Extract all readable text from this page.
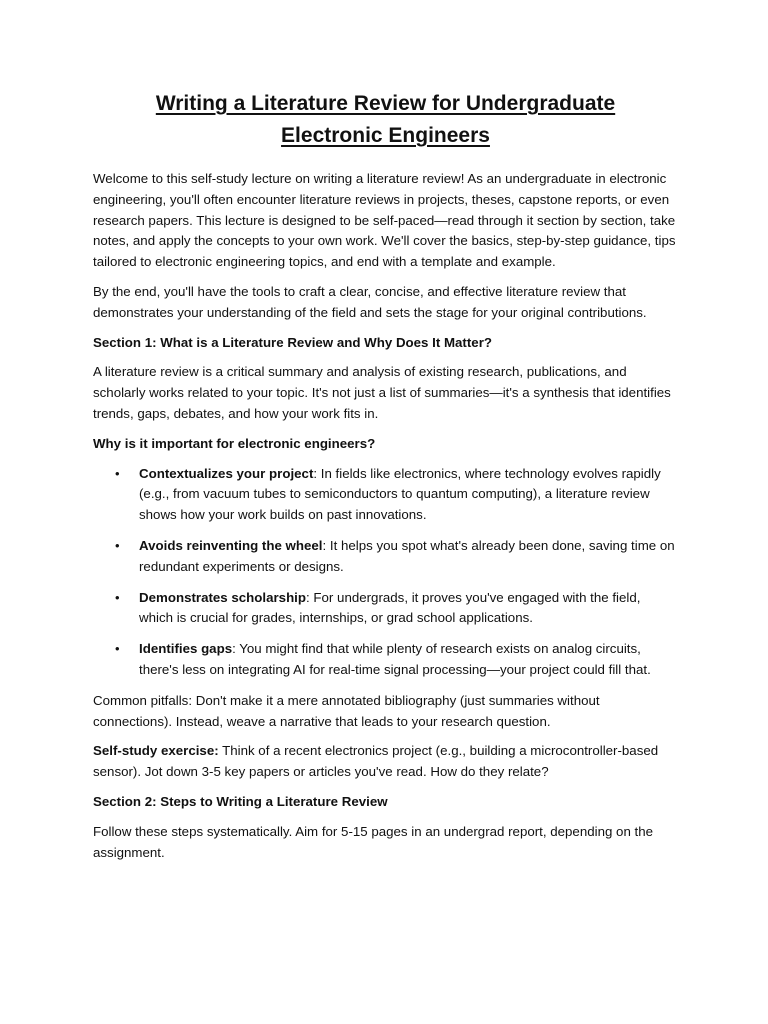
Writing a Literature Review for Undergraduate
Electronic Engineers

Welcome to this self-study lecture on writing a literature review! As an undergraduate in electronic engineering, you'll often encounter literature reviews in projects, theses, capstone reports, or even research papers. This lecture is designed to be self-paced—read through it section by section, take notes, and apply the concepts to your own work. We'll cover the basics, step-by-step guidance, tips tailored to electronic engineering topics, and end with a template and example.

By the end, you'll have the tools to craft a clear, concise, and effective literature review that demonstrates your understanding of the field and sets the stage for your original contributions.

Section 1: What is a Literature Review and Why Does It Matter?

A literature review is a critical summary and analysis of existing research, publications, and scholarly works related to your topic. It's not just a list of summaries—it's a synthesis that identifies trends, gaps, debates, and how your work fits in.

Why is it important for electronic engineers?
• Contextualizes your project: In fields like electronics, where technology evolves rapidly (e.g., from vacuum tubes to semiconductors to quantum computing), a literature review shows how your work builds on past innovations.
• Avoids reinventing the wheel: It helps you spot what's already been done, saving time on redundant experiments or designs.
• Demonstrates scholarship: For undergrads, it proves you've engaged with the field, which is crucial for grades, internships, or grad school applications.
• Identifies gaps: You might find that while plenty of research exists on analog circuits, there's less on integrating AI for real-time signal processing—your project could fill that.

Common pitfalls: Don't make it a mere annotated bibliography (just summaries without connections). Instead, weave a narrative that leads to your research question.

Self-study exercise: Think of a recent electronics project (e.g., building a microcontroller-based sensor). Jot down 3-5 key papers or articles you've read. How do they relate?

Section 2: Steps to Writing a Literature Review

Follow these steps systematically. Aim for 5-15 pages in an undergrad report, depending on the assignment.
